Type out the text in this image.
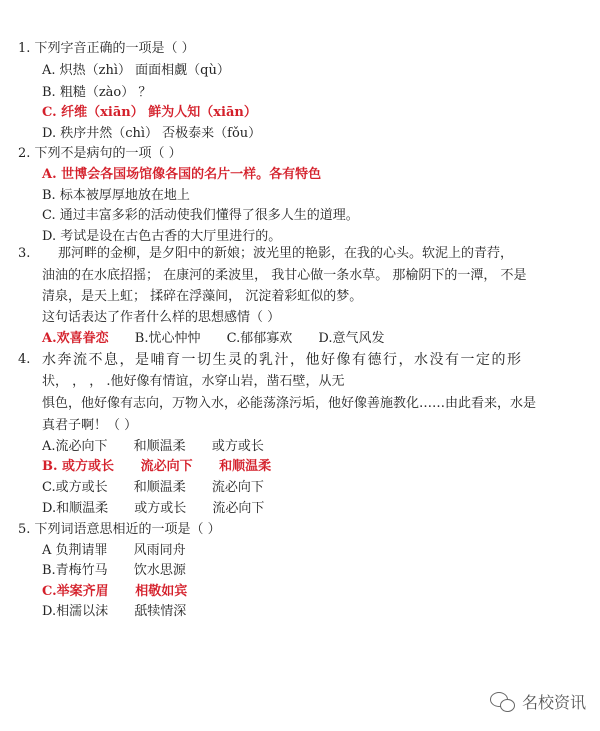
1. 下列字音正确的一项是（ ）
A. 炽热（zhì） 面面相觑（qù）
B. 粗糙（zào） ？
C. 纤维（xiān） 鲜为人知（xiān）
D. 秩序井然（chì） 否极泰来（fǒu）
2. 下列不是病句的一项（ ）
A. 世博会各国场馆像各国的名片一样。各有特色
B. 标本被厚厚地放在地上
C. 通过丰富多彩的活动使我们懂得了很多人生的道理。
D. 考试是设在古色古香的大厅里进行的。
3. 那河畔的金柳，是夕阳中的新娘；波光里的艳影，在我的心头。软泥上的青荇，
油油的在水底招摇； 在康河的柔波里， 我甘心做一条水草。 那榆阴下的一潭， 不是
清泉，是天上虹； 揉碎在浮藻间， 沉淀着彩虹似的梦。
这句话表达了作者什么样的思想感情（ ）
A.欢喜眷恋 B.忧心忡忡 C.郁郁寡欢 D.意气风发
4. 水奔流不息，是哺育一切生灵的乳汁，他好像有德行，水没有一定的形
状， ， ， .他好像有情谊，水穿山岩，凿石壁，从无
惧色，他好像有志向，万物入水，必能荡涤污垢，他好像善施教化……由此看来，水是
真君子啊！（ ）
A.流必向下 和顺温柔 或方或长
B. 或方或长 流必向下 和顺温柔
C.或方或长 和顺温柔 流必向下
D.和顺温柔 或方或长 流必向下
5. 下列词语意思相近的一项是（ ）
A 负荆请罪 风雨同舟
B.青梅竹马 饮水思源
C.举案齐眉 相敬如宾
D.相濡以沫 舐犊情深
名校资讯
